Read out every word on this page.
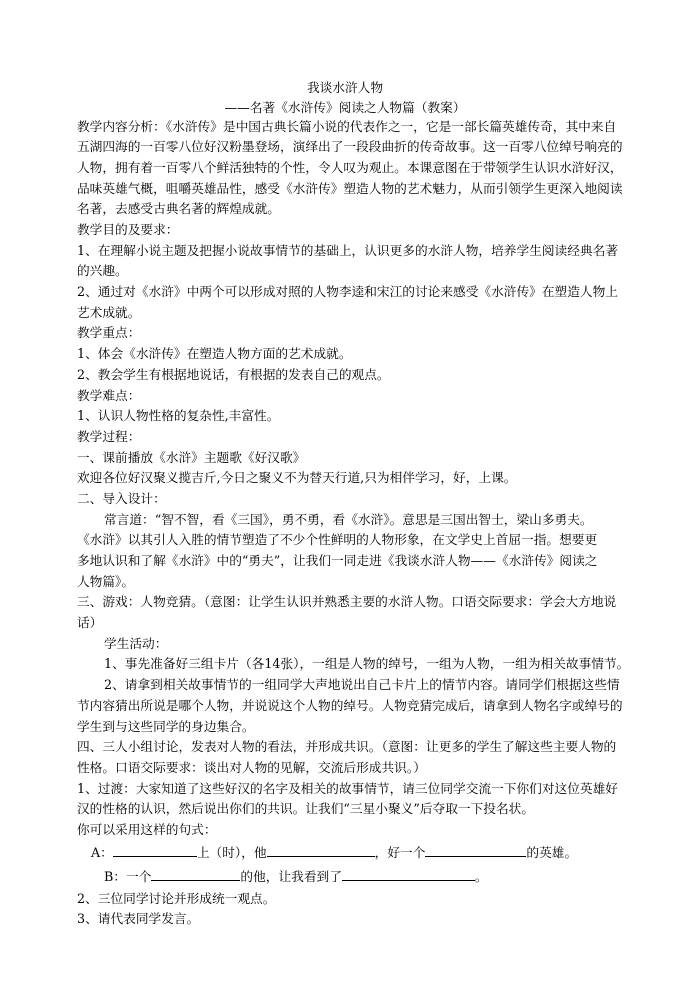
我谈水浒人物
——名著《水浒传》阅读之人物篇（教案）
教学内容分析：《水浒传》是中国古典长篇小说的代表作之一，它是一部长篇英雄传奇，其中来自
五湖四海的一百零八位好汉粉墨登场，演绎出了一段段曲折的传奇故事。这一百零八位绰号响亮的
人物，拥有着一百零八个鲜活独特的个性，令人叹为观止。本课意图在于带领学生认识水浒好汉，
品味英雄气概，咀嚼英雄品性，感受《水浒传》塑造人物的艺术魅力，从而引领学生更深入地阅读
名著，去感受古典名著的辉煌成就。
教学目的及要求：
1、在理解小说主题及把握小说故事情节的基础上，认识更多的水浒人物，培养学生阅读经典名著
的兴趣。
2、通过对《水浒》中两个可以形成对照的人物李逵和宋江的讨论来感受《水浒传》在塑造人物上
艺术成就。
教学重点：
1、体会《水浒传》在塑造人物方面的艺术成就。
2、教会学生有根据地说话，有根据的发表自己的观点。
教学难点：
1、认识人物性格的复杂性,丰富性。
教学过程：
一、课前播放《水浒》主题歌《好汉歌》
欢迎各位好汉聚义揽吉斤,今日之聚义不为替天行道,只为相伴学习，好，上课。
二、导入设计：
常言道：“智不智，看《三国》，勇不勇，看《水浒》。意思是三国出智士，梁山多勇夫。
《水浒》以其引人入胜的情节塑造了不少个性鲜明的人物形象，在文学史上首屈一指。想要更
多地认识和了解《水浒》中的“勇夫”，让我们一同走进《我谈水浒人物——《水浒传》阅读之
人物篇》。
三、游戏：人物竞猜。（意图：让学生认识并熟悉主要的水浒人物。口语交际要求：学会大方地说
话）
学生活动：
1、事先准备好三组卡片（各14张），一组是人物的绰号，一组为人物，一组为相关故事情节。
2、请拿到相关故事情节的一组同学大声地说出自己卡片上的情节内容。请同学们根据这些情
节内容猜出所说是哪个人物，并说说这个人物的绰号。人物竞猜完成后，请拿到人物名字或绰号的
学生到与这些同学的身边集合。
四、三人小组讨论，发表对人物的看法，并形成共识。（意图：让更多的学生了解这些主要人物的
性格。口语交际要求：谈出对人物的见解，交流后形成共识。）
1、过渡：大家知道了这些好汉的名字及相关的故事情节，请三位同学交流一下你们对这位英雄好
汉的性格的认识，然后说出你们的共识。让我们“三星小聚义”后夺取一下投名状。
你可以采用这样的句式：
A：	上（时），他	，好一个	的英雄。
B：一个	的他，让我看到了	。
2、三位同学讨论并形成统一观点。
3、请代表同学发言。
